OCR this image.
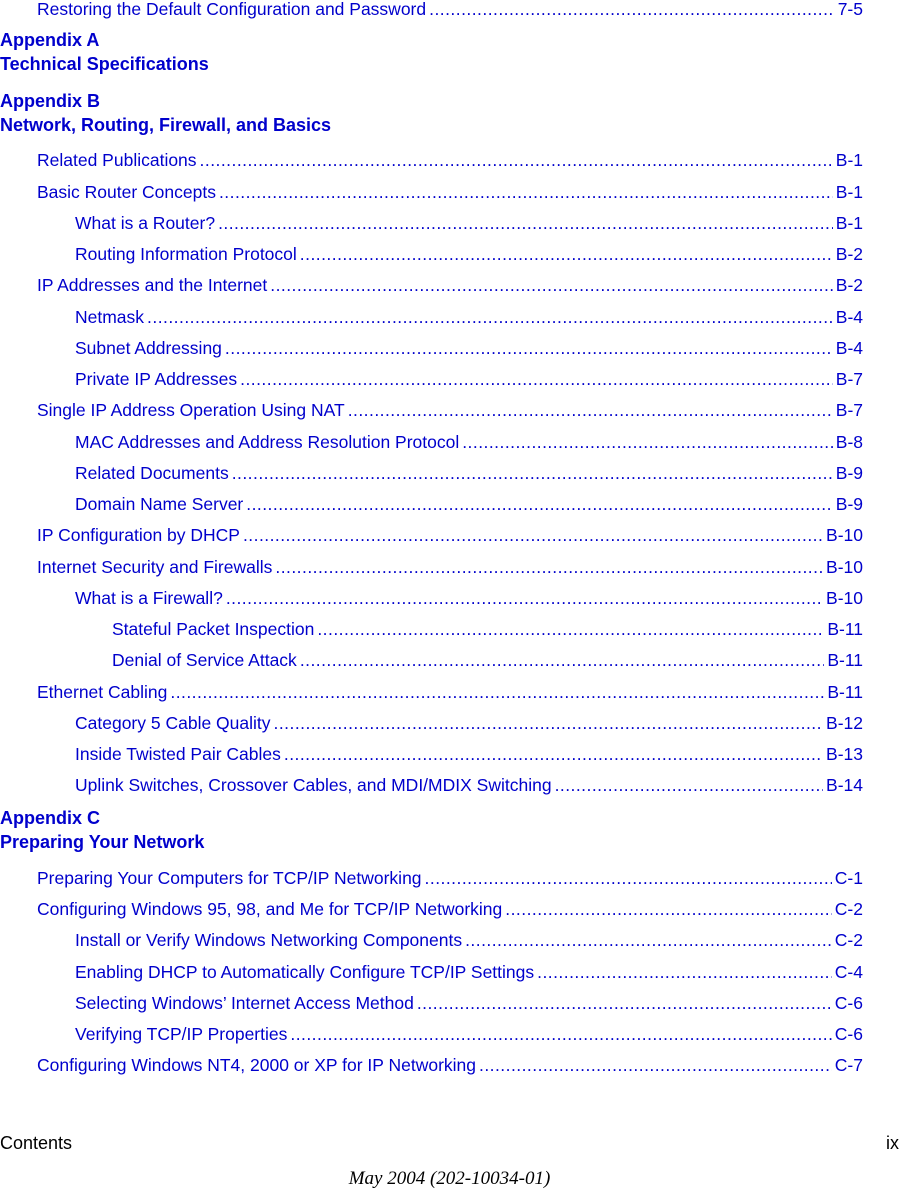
Restoring the Default Configuration and Password . . .	7-5
Appendix A
Technical Specifications
Appendix B
Network, Routing, Firewall, and Basics
Related Publications . . .	B-1
Basic Router Concepts . . .	B-1
What is a Router? . . .	B-1
Routing Information Protocol . . .	B-2
IP Addresses and the Internet . . .	B-2
Netmask . . .	B-4
Subnet Addressing . . .	B-4
Private IP Addresses . . .	B-7
Single IP Address Operation Using NAT . . .	B-7
MAC Addresses and Address Resolution Protocol . . .	B-8
Related Documents . . .	B-9
Domain Name Server . . .	B-9
IP Configuration by DHCP . . .	B-10
Internet Security and Firewalls . . .	B-10
What is a Firewall? . . .	B-10
Stateful Packet Inspection . . .	B-11
Denial of Service Attack . . .	B-11
Ethernet Cabling . . .	B-11
Category 5 Cable Quality . . .	B-12
Inside Twisted Pair Cables . . .	B-13
Uplink Switches, Crossover Cables, and MDI/MDIX Switching . . .	B-14
Appendix C
Preparing Your Network
Preparing Your Computers for TCP/IP Networking . . .	C-1
Configuring Windows 95, 98, and Me for TCP/IP Networking . . .	C-2
Install or Verify Windows Networking Components . . .	C-2
Enabling DHCP to Automatically Configure TCP/IP Settings . . .	C-4
Selecting Windows’ Internet Access Method . . .	C-6
Verifying TCP/IP Properties . . .	C-6
Configuring Windows NT4, 2000 or XP for IP Networking . . .	C-7
Contents	ix
May 2004 (202-10034-01)
